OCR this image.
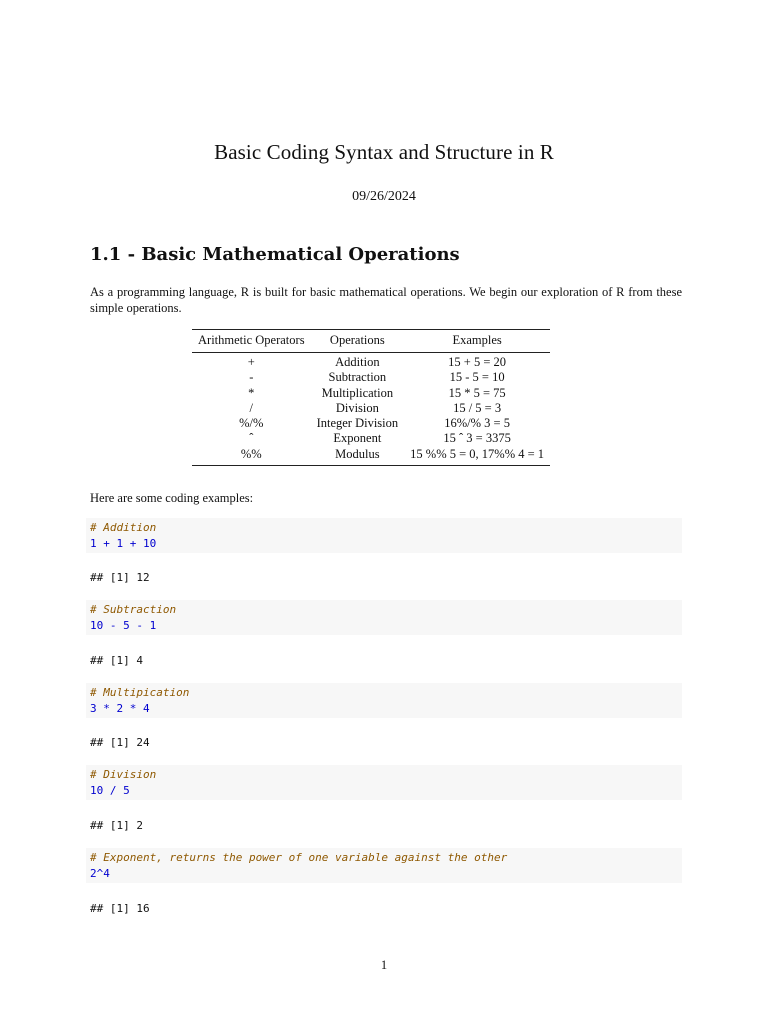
Basic Coding Syntax and Structure in R
09/26/2024
1.1 - Basic Mathematical Operations
As a programming language, R is built for basic mathematical operations. We begin our exploration of R from these simple operations.
Arithmetic Operators	Operations	Examples
+	Addition	15 + 5 = 20
-	Subtraction	15 - 5 = 10
*	Multiplication	15 * 5 = 75
/	Division	15 / 5 = 3
%/%	Integer Division	16%/% 3 = 5
ˆ	Exponent	15 ˆ 3 = 3375
%%	Modulus	15 %% 5 = 0, 17%% 4 = 1
Here are some coding examples:
# Addition
1 + 1 + 10
## [1] 12
# Subtraction
10 - 5 - 1
## [1] 4
# Multipication
3 * 2 * 4
## [1] 24
# Division
10 / 5
## [1] 2
# Exponent, returns the power of one variable against the other
2^4
## [1] 16
1
